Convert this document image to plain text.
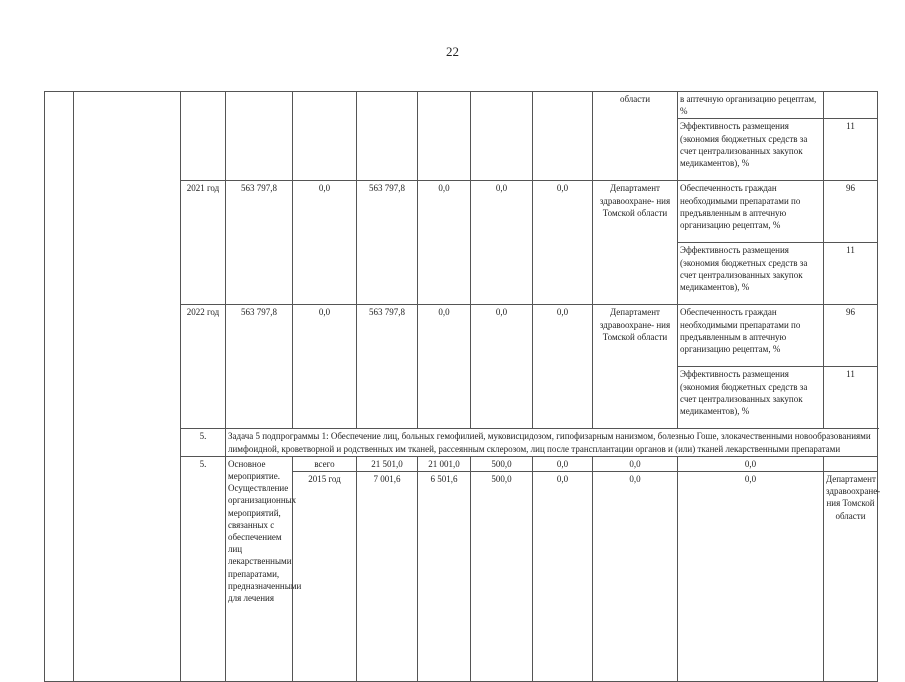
22
									области	в аптечную организацию рецептам, %		
										Эффективность размещения (экономия бюджетных средств за счет централизованных закупок медикаментов), %	11	
		2021 год	563 797,8	0,0	563 797,8	0,0	0,0	0,0	Департамент здравоохране- ния Томской области	Обеспеченность граждан необходимыми препаратами по предъявленным в аптечную организацию рецептам, %	96	
										Эффективность размещения (экономия бюджетных средств за счет централизованных закупок медикаментов), %	11	
		2022 год	563 797,8	0,0	563 797,8	0,0	0,0	0,0	Департамент здравоохране- ния Томской области	Обеспеченность граждан необходимыми препаратами по предъявленным в аптечную организацию рецептам, %	96	
										Эффективность размещения (экономия бюджетных средств за счет централизованных закупок медикаментов), %	11	
		5.	Задача 5 подпрограммы 1: Обеспечение лиц, больных гемофилией, муковисцидозом, гипофизарным нанизмом, болезнью Гоше, злокачественными новообразованиями лимфоидной, кроветворной и родственных им тканей, рассеянным склерозом, лиц после трансплантации органов и (или) тканей лекарственными препаратами									
		5.	Основное мероприятие. Осуществление организационных мероприятий, связанных с обеспечением лиц лекарственными препаратами, предназначенными для лечения	всего	21 501,0	21 001,0	500,0	0,0	0,0	0,0			
				2015 год	7 001,6	6 501,6	500,0	0,0	0,0	0,0	Департамент здравоохране- ния Томской области		
